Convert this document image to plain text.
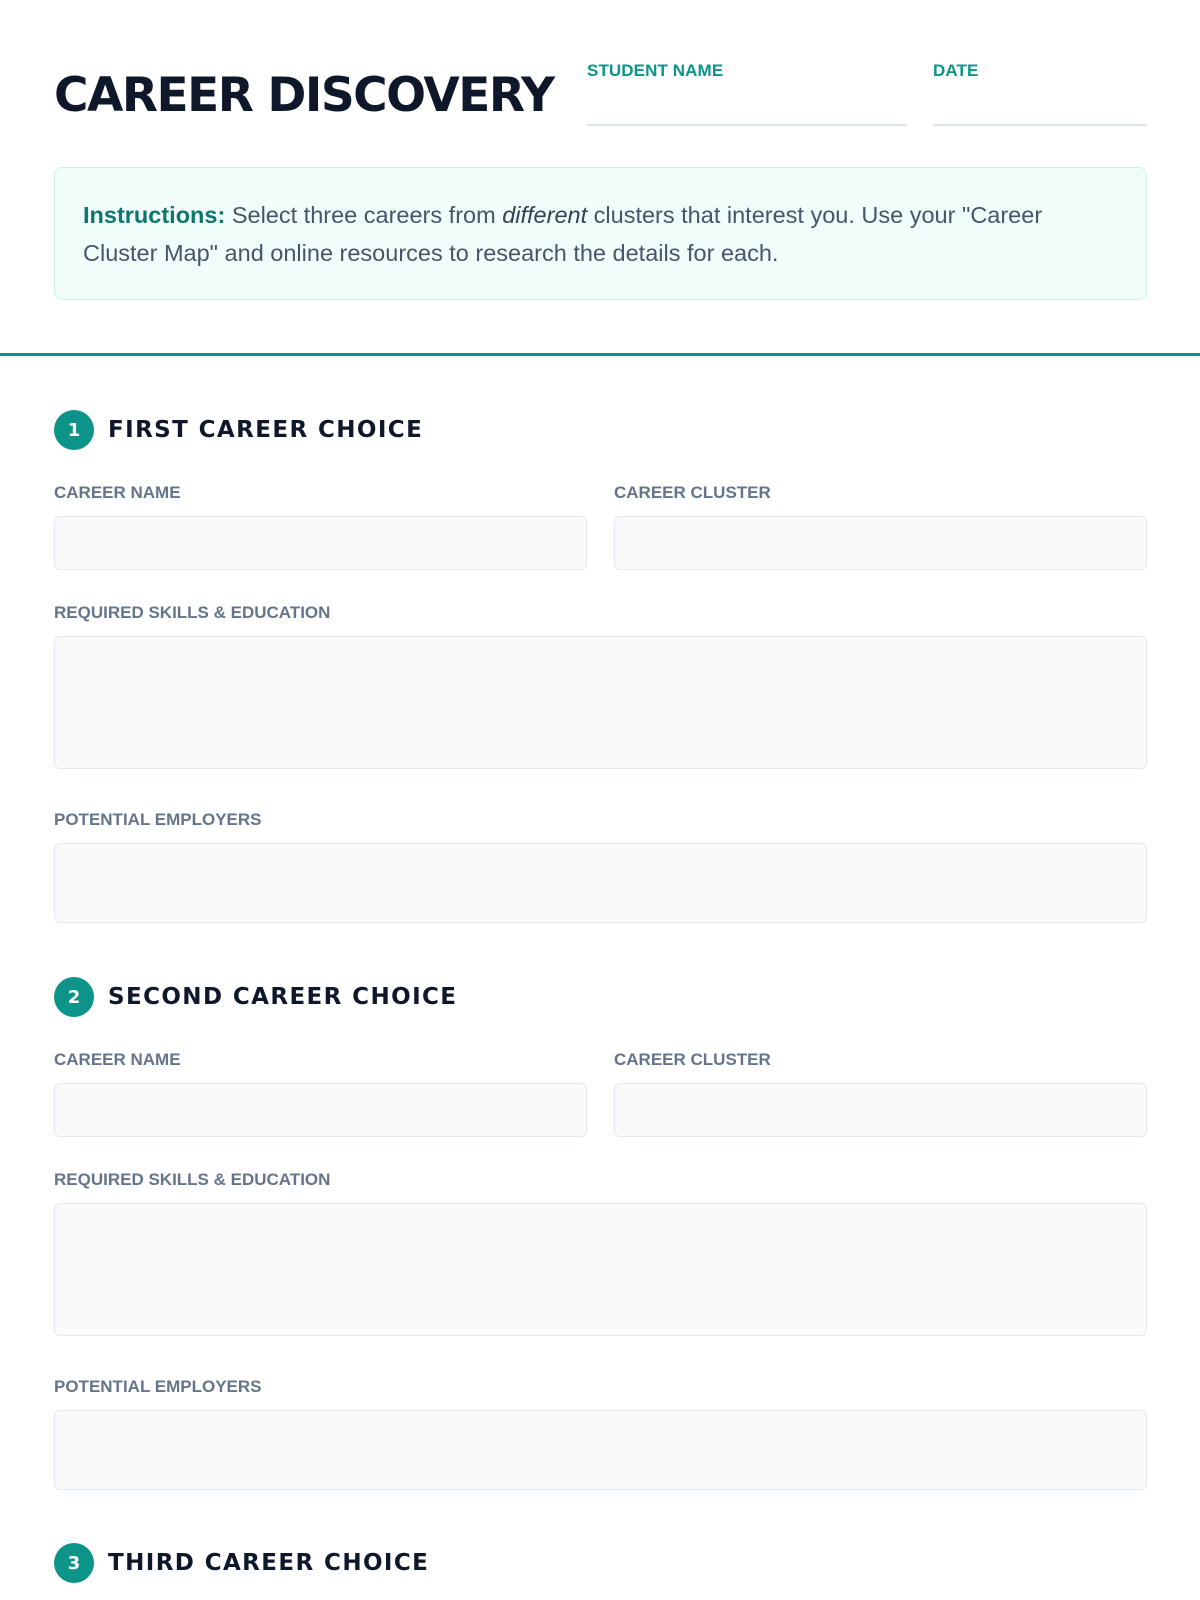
CAREER DISCOVERY STUDENT NAME	DATE
Instructions: Select three careers from different clusters that interest you. Use your "Career Cluster Map" and online resources to research the details for each.
1	FIRST CAREER CHOICE
CAREER NAME	CAREER CLUSTER
REQUIRED SKILLS & EDUCATION
POTENTIAL EMPLOYERS
2	SECOND CAREER CHOICE
CAREER NAME	CAREER CLUSTER
REQUIRED SKILLS & EDUCATION
POTENTIAL EMPLOYERS
3	THIRD CAREER CHOICE
